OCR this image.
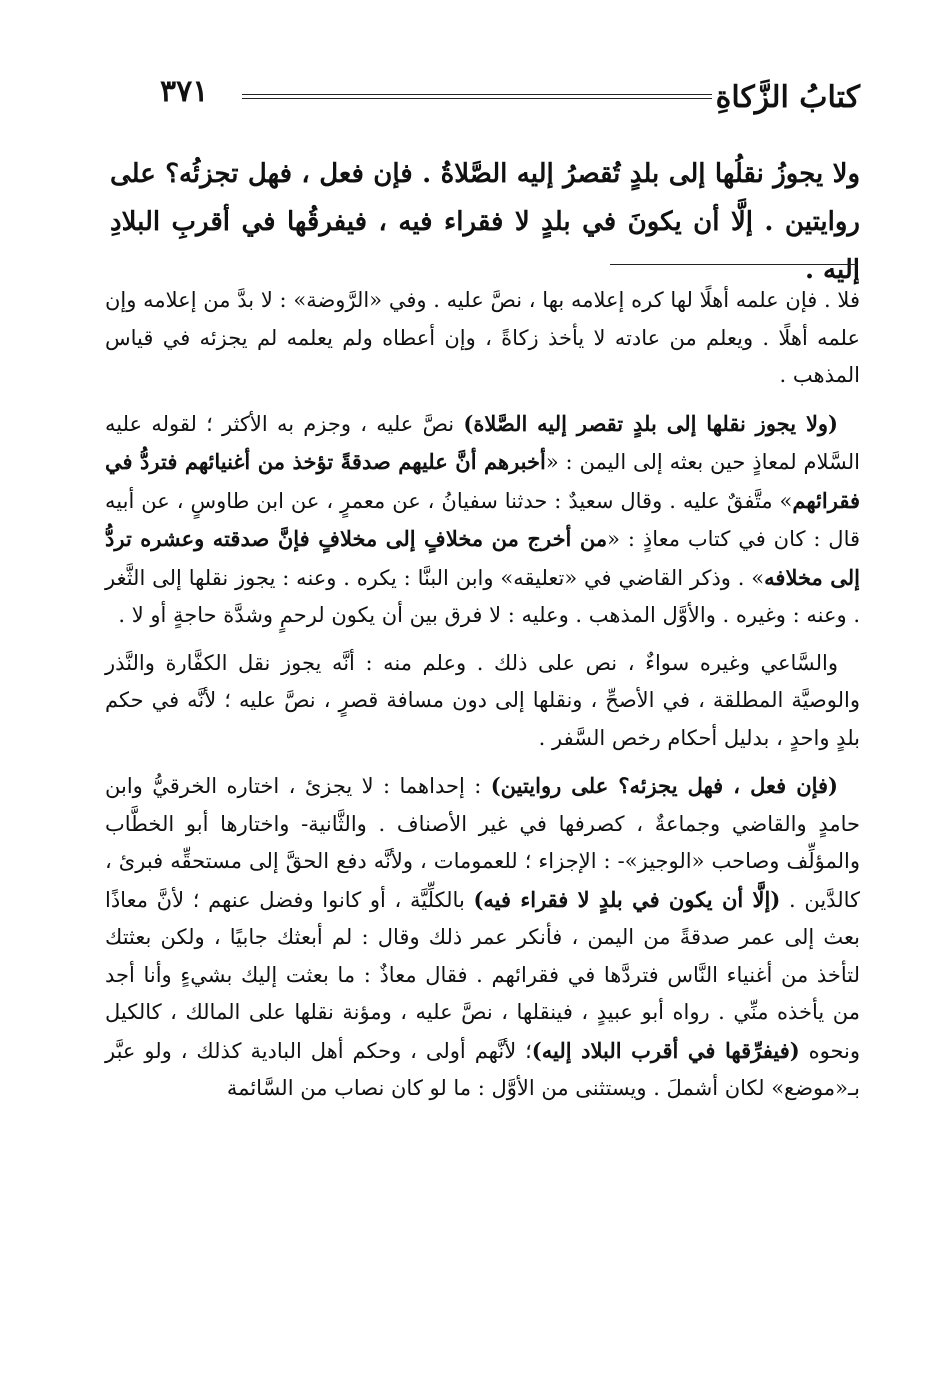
كتابُ الزَّكاةِ
٣٧١
ولا يجوزُ نقلُها إلى بلدٍ تُقصرُ إليه الصَّلاةُ . فإن فعل ، فهل تجزئُه؟ على روايتين . إلَّا أن يكونَ في بلدٍ لا فقراء فيه ، فيفرقُها في أقربِ البلادِ إليه .

فلا . فإن علمه أهلًا لها كره إعلامه بها ، نصَّ عليه . وفي «الرَّوضة» : لا بدَّ من إعلامه وإن علمه أهلًا . ويعلم من عادته لا يأخذ زكاةً ، وإن أعطاه ولم يعلمه لم يجزئه في قياس المذهب .

(ولا يجوز نقلها إلى بلدٍ تقصر إليه الصَّلاة) نصَّ عليه ، وجزم به الأكثر ؛ لقوله عليه السَّلام لمعاذٍ حين بعثه إلى اليمن : «أخبرهم أنَّ عليهم صدقةً تؤخذ من أغنيائهم فتردُّ في فقرائهم» متَّفقٌ عليه . وقال سعيدٌ : حدثنا سفيانُ ، عن معمرٍ ، عن ابن طاوسٍ ، عن أبيه قال : كان في كتاب معاذٍ : «من أخرج من مخلافٍ إلى مخلافٍ فإنَّ صدقته وعشره تردُّ إلى مخلافه» . وذكر القاضي في «تعليقه» وابن البنَّا : يكره . وعنه : يجوز نقلها إلى الثَّغر . وعنه : وغيره . والأوَّل المذهب . وعليه : لا فرق بين أن يكون لرحمٍ وشدَّة حاجةٍ أو لا .

والسَّاعي وغيره سواءٌ ، نص على ذلك . وعلم منه : أنَّه يجوز نقل الكفَّارة والنَّذر والوصيَّة المطلقة ، في الأصحِّ ، ونقلها إلى دون مسافة قصرٍ ، نصَّ عليه ؛ لأنَّه في حكم بلدٍ واحدٍ ، بدليل أحكام رخص السَّفر .

(فإن فعل ، فهل يجزئه؟ على روايتين) : إحداهما : لا يجزئ ، اختاره الخرقيُّ وابن حامدٍ والقاضي وجماعةٌ ، كصرفها في غير الأصناف . والثَّانية- واختارها أبو الخطَّاب والمؤلِّف وصاحب «الوجيز»- : الإجزاء ؛ للعمومات ، ولأنَّه دفع الحقَّ إلى مستحقِّه فبرئ ، كالدَّين . (إلَّا أن يكون في بلدٍ لا فقراء فيه) بالكلِّيَّة ، أو كانوا وفضل عنهم ؛ لأنَّ معاذًا بعث إلى عمر صدقةً من اليمن ، فأنكر عمر ذلك وقال : لم أبعثك جابيًا ، ولكن بعثتك لتأخذ من أغنياء النَّاس فتردَّها في فقرائهم . فقال معاذٌ : ما بعثت إليك بشيءٍ وأنا أجد من يأخذه منِّي . رواه أبو عبيدٍ ، فينقلها ، نصَّ عليه ، ومؤنة نقلها على المالك ، كالكيل ونحوه (فيفرِّقها في أقرب البلاد إليه)؛ لأنَّهم أولى ، وحكم أهل البادية كذلك ، ولو عبَّر بـ«موضع» لكان أشملَ . ويستثنى من الأوَّل : ما لو كان نصاب من السَّائمة
